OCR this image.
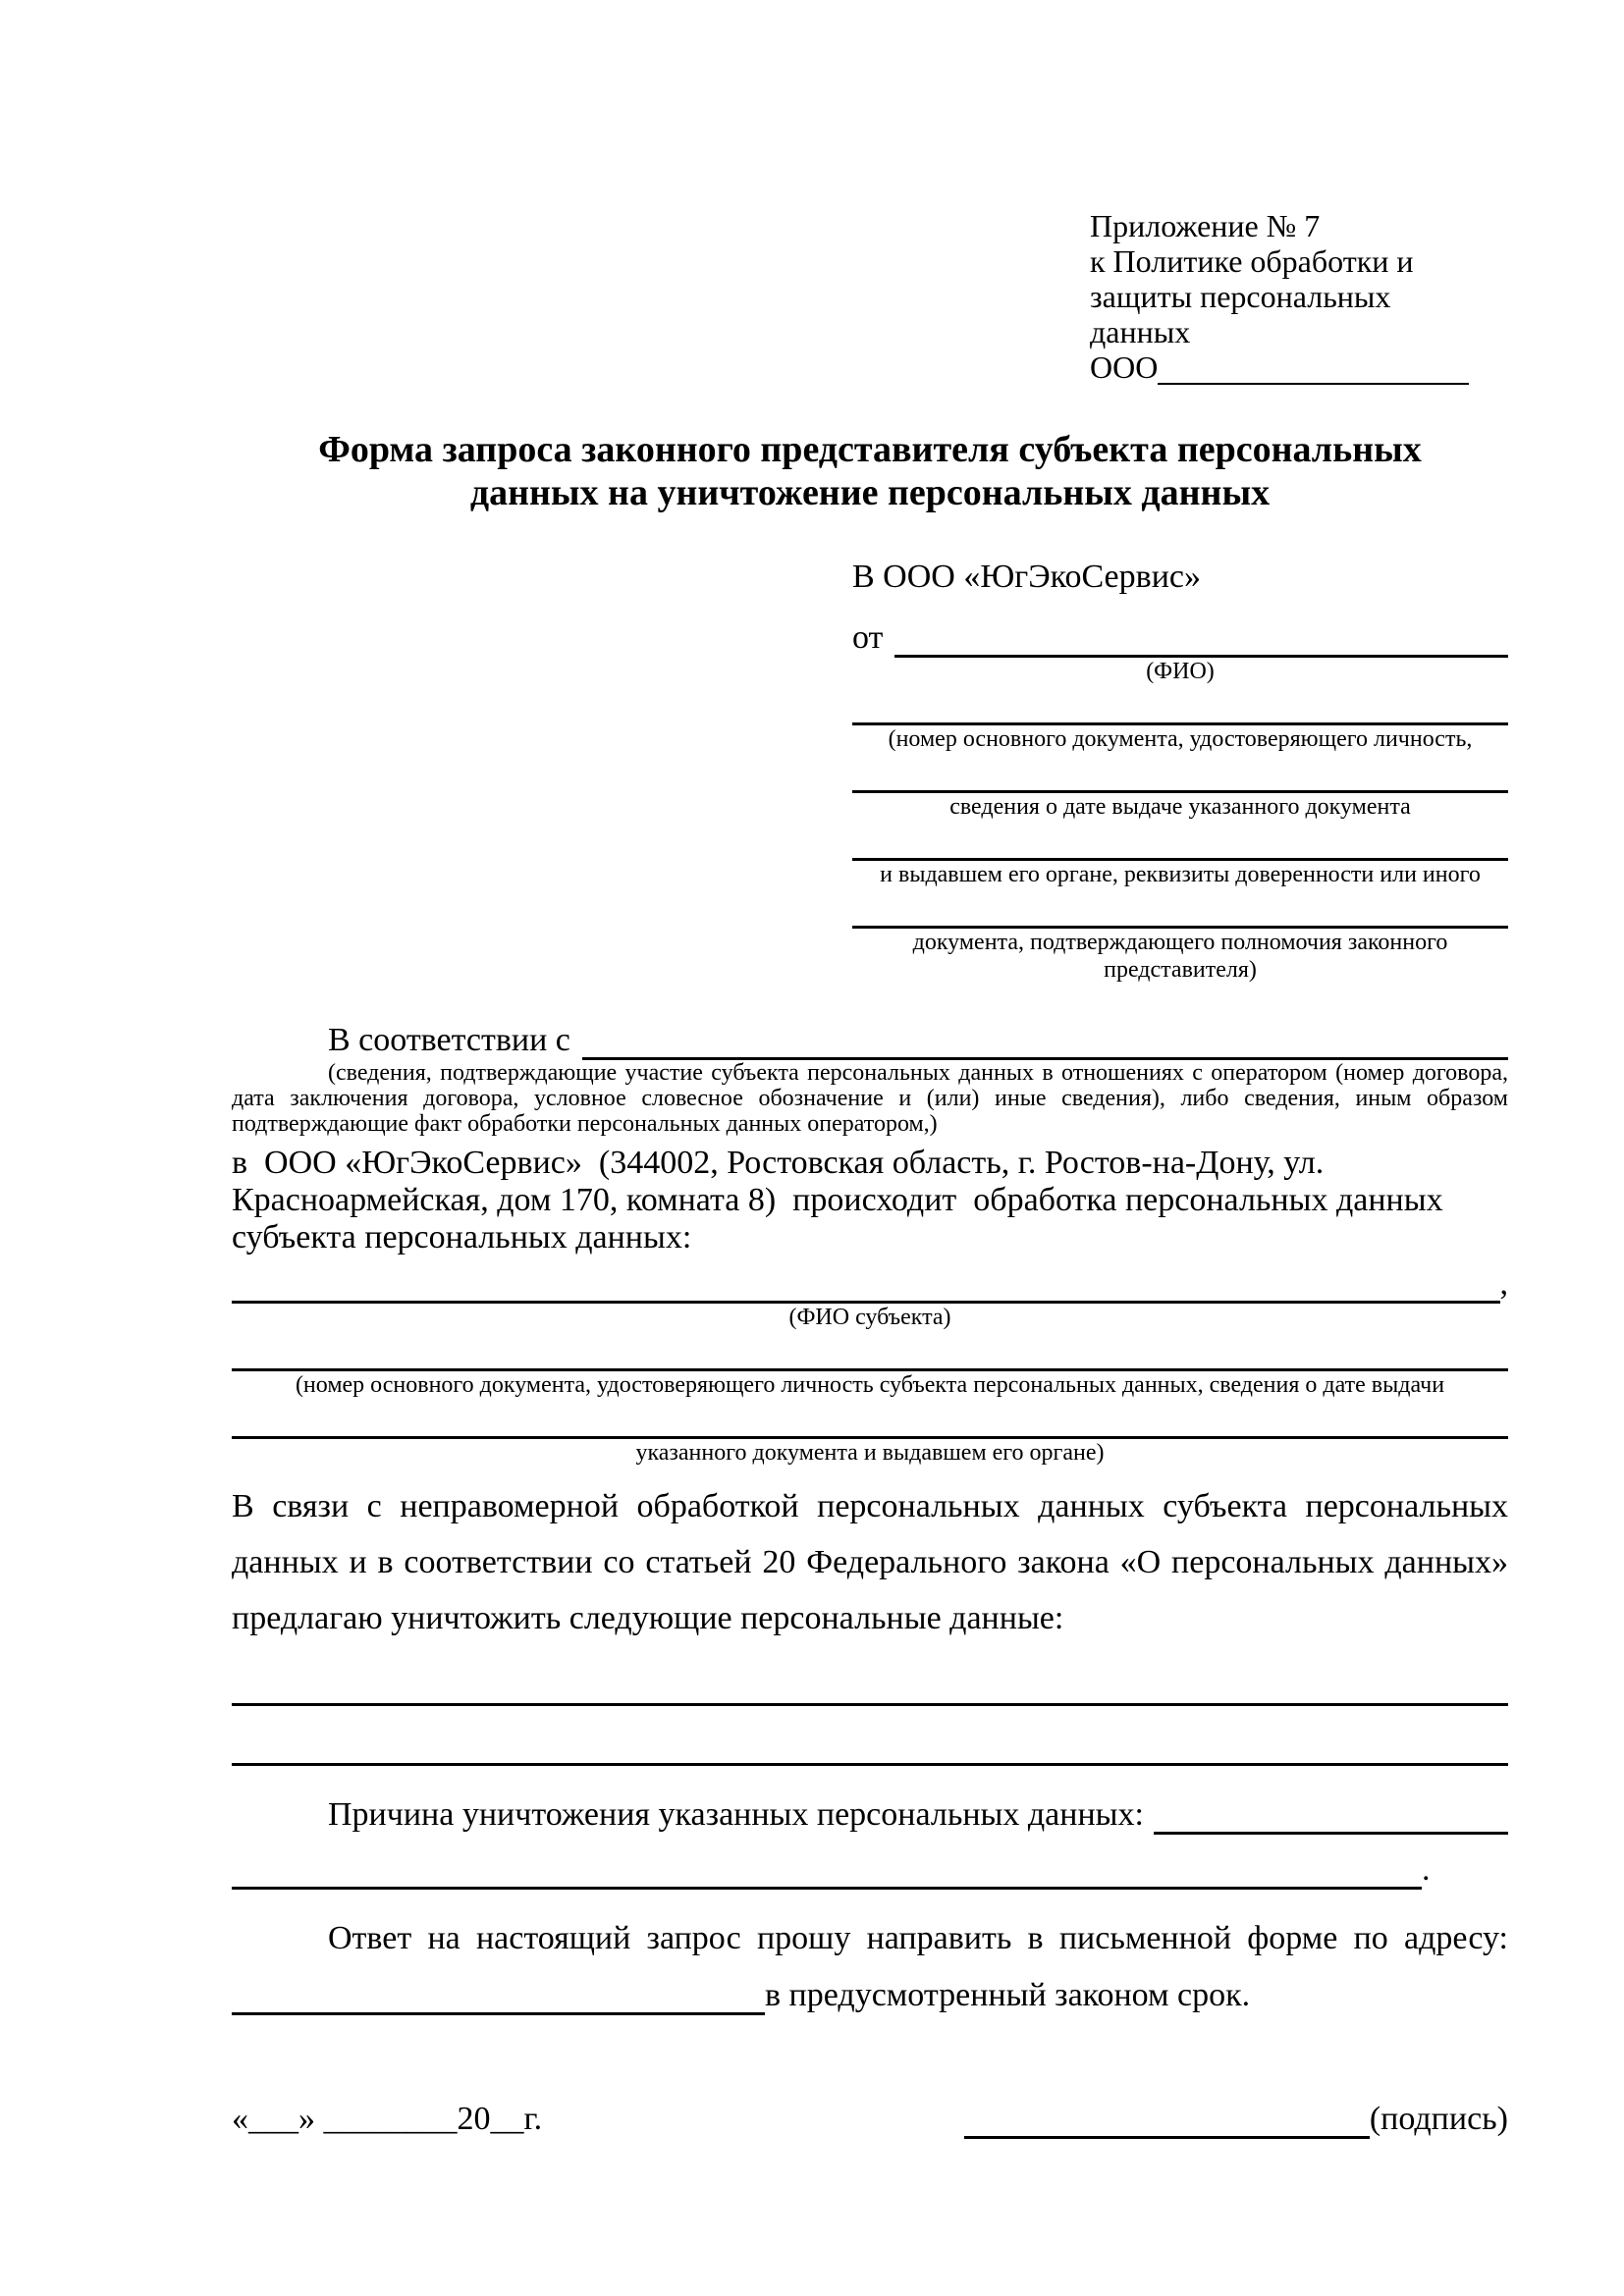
Приложение № 7
к Политике обработки и
защиты персональных данных
ООО
Форма запроса законного представителя субъекта персональных
данных на уничтожение персональных данных
В ООО «ЮгЭкоСервис»
от
(ФИО)
(номер основного документа, удостоверяющего личность,
сведения о дате выдаче указанного документа
и выдавшем его органе, реквизиты доверенности или иного
документа, подтверждающего полномочия законного представителя)
В соответствии с

(сведения, подтверждающие участие субъекта персональных данных в отношениях с оператором (номер договора, дата заключения договора, условное словесное обозначение и (или) иные сведения), либо сведения, иным образом подтверждающие факт обработки персональных данных оператором,)

в  ООО «ЮгЭкоСервис»  (344002, Ростовская область, г. Ростов-на-Дону, ул. Красноармейская, дом 170, комната 8)  происходит  обработка персональных данных субъекта персональных данных:

,
(ФИО субъекта)
(номер основного документа, удостоверяющего личность субъекта персональных данных, сведения о дате выдачи
указанного документа и выдавшем его органе)

В связи с неправомерной обработкой персональных данных субъекта персональных данных и в соответствии со статьей 20 Федерального закона «О персональных данных» предлагаю уничтожить следующие персональные данные:

Причина уничтожения указанных персональных данных:
.

Ответ на настоящий запрос прошу направить в письменной форме по адресу:

в предусмотренный законом срок.
«___» ________20__г.	(подпись)
